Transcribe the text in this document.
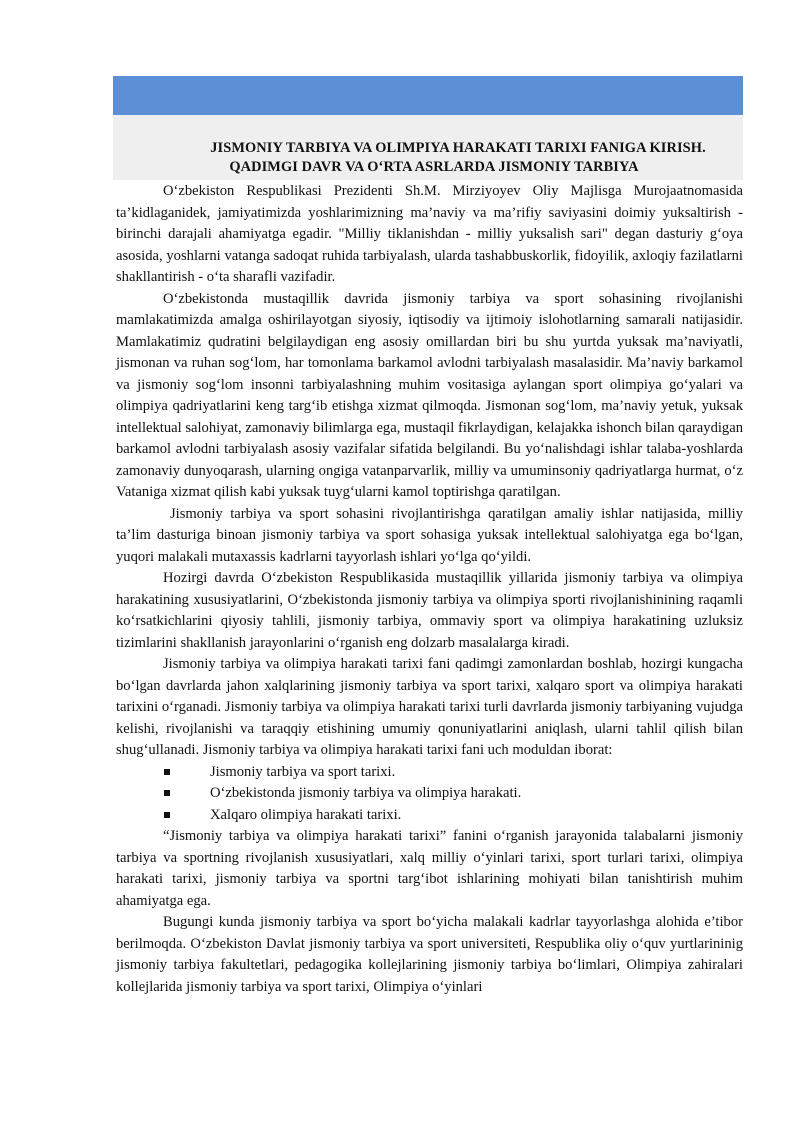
JISMONIY TARBIYA VA OLIMPIYA HARAKATI TARIXI FANIGA KIRISH.
QADIMGI DAVR VA O‘RTA ASRLARDA JISMONIY TARBIYA

O‘zbekiston Respublikasi Prezidenti Sh.M. Mirziyoyev Oliy Majlisga Murojaatnomasida ta’kidlaganidek, jamiyatimizda yoshlarimizning ma’naviy va ma’rifiy saviyasini doimiy yuksaltirish - birinchi darajali ahamiyatga egadir. "Milliy tiklanishdan - milliy yuksalish sari" degan dasturiy g‘oya asosida, yoshlarni vatanga sadoqat ruhida tarbiyalash, ularda tashabbuskorlik, fidoyilik, axloqiy fazilatlarni shakllantirish - o‘ta sharafli vazifadir.

O‘zbekistonda mustaqillik davrida jismoniy tarbiya va sport sohasining rivojlanishi mamlakatimizda amalga oshirilayotgan siyosiy, iqtisodiy va ijtimoiy islohotlarning samarali natijasidir. Mamlakatimiz qudratini belgilaydigan eng asosiy omillardan biri bu shu yurtda yuksak ma’naviyatli, jismonan va ruhan sog‘lom, har tomonlama barkamol avlodni tarbiyalash masalasidir. Ma’naviy barkamol va jismoniy sog‘lom insonni tarbiyalashning muhim vositasiga aylangan sport olimpiya go‘yalari va olimpiya qadriyatlarini keng targ‘ib etishga xizmat qilmoqda. Jismonan sog‘lom, ma’naviy yetuk, yuksak intellektual salohiyat, zamonaviy bilimlarga ega, mustaqil fikrlaydigan, kelajakka ishonch bilan qaraydigan barkamol avlodni tarbiyalash asosiy vazifalar sifatida belgilandi. Bu yo‘nalishdagi ishlar talaba-yoshlarda zamonaviy dunyoqarash, ularning ongiga vatanparvarlik, milliy va umuminsoniy qadriyatlarga hurmat, o‘z Vataniga xizmat qilish kabi yuksak tuyg‘ularni kamol toptirishga qaratilgan.

Jismoniy tarbiya va sport sohasini rivojlantirishga qaratilgan amaliy ishlar natijasida, milliy ta’lim dasturiga binoan jismoniy tarbiya va sport sohasiga yuksak intellektual salohiyatga ega bo‘lgan, yuqori malakali mutaxassis kadrlarni tayyorlash ishlari yo‘lga qo‘yildi.

Hozirgi davrda O‘zbekiston Respublikasida mustaqillik yillarida jismoniy tarbiya va olimpiya harakatining xususiyatlarini, O‘zbekistonda jismoniy tarbiya va olimpiya sporti rivojlanishinining raqamli ko‘rsatkichlarini qiyosiy tahlili, jismoniy tarbiya, ommaviy sport va olimpiya harakatining uzluksiz tizimlarini shakllanish jarayonlarini o‘rganish eng dolzarb masalalarga kiradi.

Jismoniy tarbiya va olimpiya harakati tarixi fani qadimgi zamonlardan boshlab, hozirgi kungacha bo‘lgan davrlarda jahon xalqlarining jismoniy tarbiya va sport tarixi, xalqaro sport va olimpiya harakati tarixini o‘rganadi. Jismoniy tarbiya va olimpiya harakati tarixi turli davrlarda jismoniy tarbiyaning vujudga kelishi, rivojlanishi va taraqqiy etishining umumiy qonuniyatlarini aniqlash, ularni tahlil qilish bilan shug‘ullanadi. Jismoniy tarbiya va olimpiya harakati tarixi fani uch moduldan iborat:

Jismoniy tarbiya va sport tarixi.
O‘zbekistonda jismoniy tarbiya va olimpiya harakati.
Xalqaro olimpiya harakati tarixi.

“Jismoniy tarbiya va olimpiya harakati tarixi” fanini o‘rganish jarayonida talabalarni jismoniy tarbiya va sportning rivojlanish xususiyatlari, xalq milliy o‘yinlari tarixi, sport turlari tarixi, olimpiya harakati tarixi, jismoniy tarbiya va sportni targ‘ibot ishlarining mohiyati bilan tanishtirish muhim ahamiyatga ega.

Bugungi kunda jismoniy tarbiya va sport bo‘yicha malakali kadrlar tayyorlashga alohida e’tibor berilmoqda. O‘zbekiston Davlat jismoniy tarbiya va sport universiteti, Respublika oliy o‘quv yurtlarininig jismoniy tarbiya fakultetlari, pedagogika kollejlarining jismoniy tarbiya bo‘limlari, Olimpiya zahiralari kollejlarida jismoniy tarbiya va sport tarixi, Olimpiya o‘yinlari
